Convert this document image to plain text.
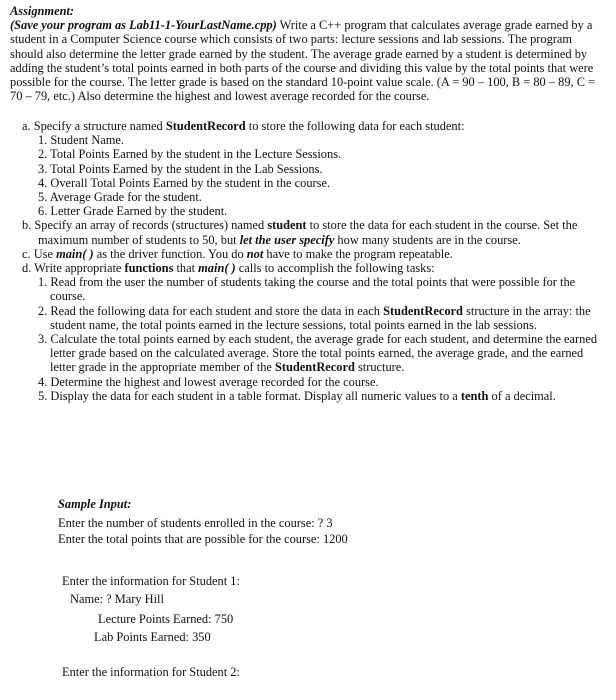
Assignment:

(Save your program as Lab11-1-YourLastName.cpp) Write a C++ program that calculates average grade earned by a student in a Computer Science course which consists of two parts: lecture sessions and lab sessions. The program should also determine the letter grade earned by the student. The average grade earned by a student is determined by adding the student’s total points earned in both parts of the course and dividing this value by the total points that were possible for the course. The letter grade is based on the standard 10-point value scale. (A = 90 – 100, B = 80 – 89, C = 70 – 79, etc.) Also determine the highest and lowest average recorded for the course.

a. Specify a structure named StudentRecord to store the following data for each student:

1. Student Name.
2. Total Points Earned by the student in the Lecture Sessions.
3. Total Points Earned by the student in the Lab Sessions.
4. Overall Total Points Earned by the student in the course.
5. Average Grade for the student.
6. Letter Grade Earned by the student.

b. Specify an array of records (structures) named student to store the data for each student in the course. Set the maximum number of students to 50, but let the user specify how many students are in the course.

c. Use main( ) as the driver function. You do not have to make the program repeatable.

d. Write appropriate functions that main( ) calls to accomplish the following tasks:

1. Read from the user the number of students taking the course and the total points that were possible for the course.

2. Read the following data for each student and store the data in each StudentRecord structure in the array: the student name, the total points earned in the lecture sessions, total points earned in the lab sessions.

3. Calculate the total points earned by each student, the average grade for each student, and determine the earned letter grade based on the calculated average. Store the total points earned, the average grade, and the earned letter grade in the appropriate member of the StudentRecord structure.

4. Determine the highest and lowest average recorded for the course.

5. Display the data for each student in a table format. Display all numeric values to a tenth of a decimal.

Sample Input:
Enter the number of students enrolled in the course: ? 3
Enter the total points that are possible for the course: 1200
Enter the information for Student 1:
Name: ? Mary Hill
Lecture Points Earned: 750
Lab Points Earned: 350
Enter the information for Student 2:
